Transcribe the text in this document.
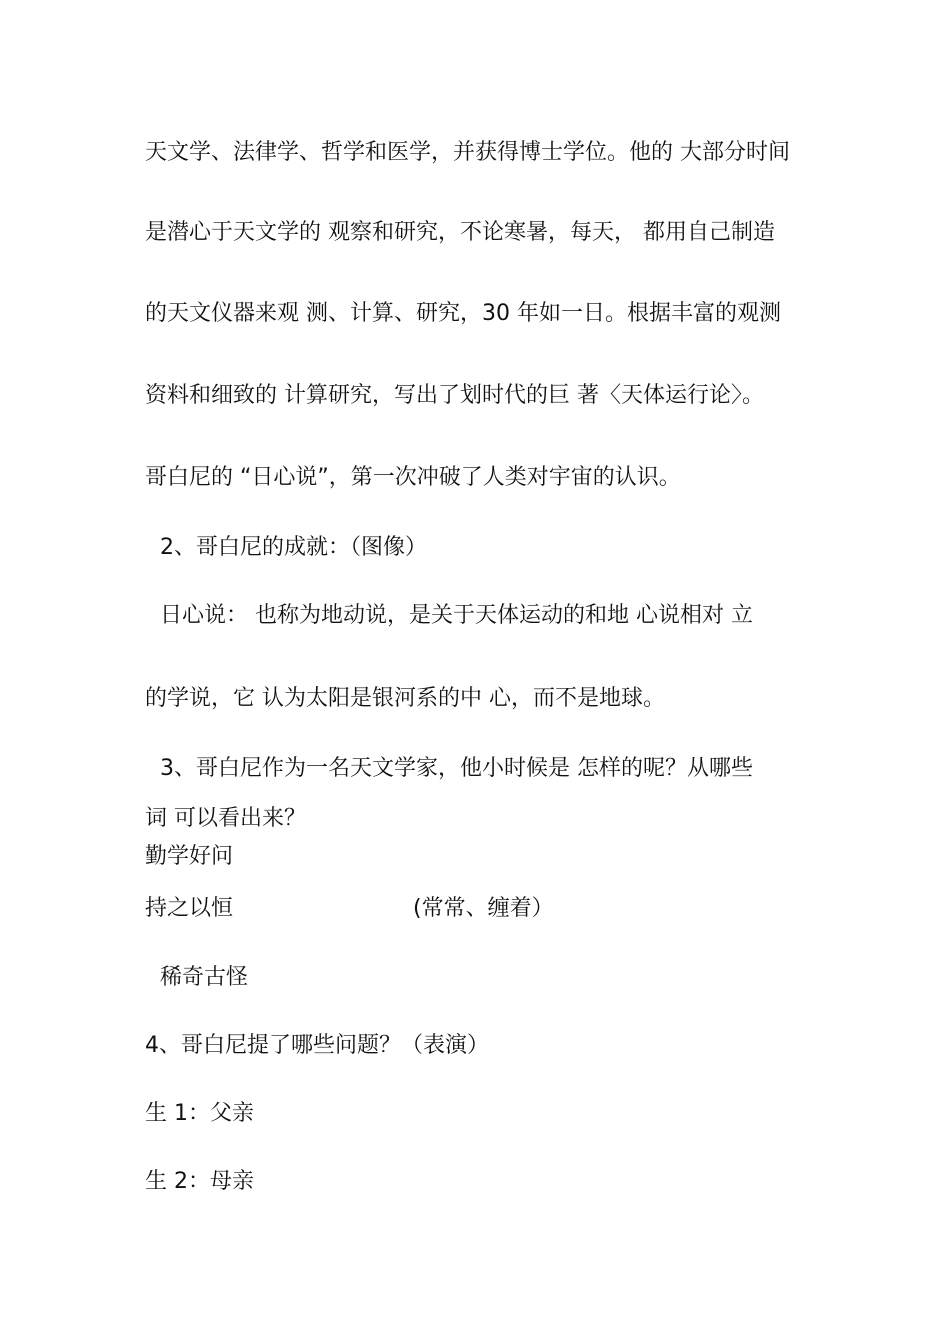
天文学、法律学、哲学和医学，并获得博士学位。他的 大部分时间
是潜心于天文学的 观察和研究，不论寒暑，每天， 都用自己制造
的天文仪器来观 测、计算、研究，30 年如一日。根据丰富的观测
资料和细致的 计算研究，写出了划时代的巨 著〈天体运行论〉。
哥白尼的 “日心说”，第一次冲破了人类对宇宙的认识。
2、哥白尼的成就：（图像）
日心说： 也称为地动说，是关于天体运动的和地 心说相对 立
的学说，它 认为太阳是银河系的中 心，而不是地球。
3、哥白尼作为一名天文学家，他小时候是 怎样的呢？从哪些
词 可以看出来？
勤学好问
持之以恒	(常常、缠着）
稀奇古怪
4、哥白尼提了哪些问题？（表演）
生 1：父亲
生 2：母亲
